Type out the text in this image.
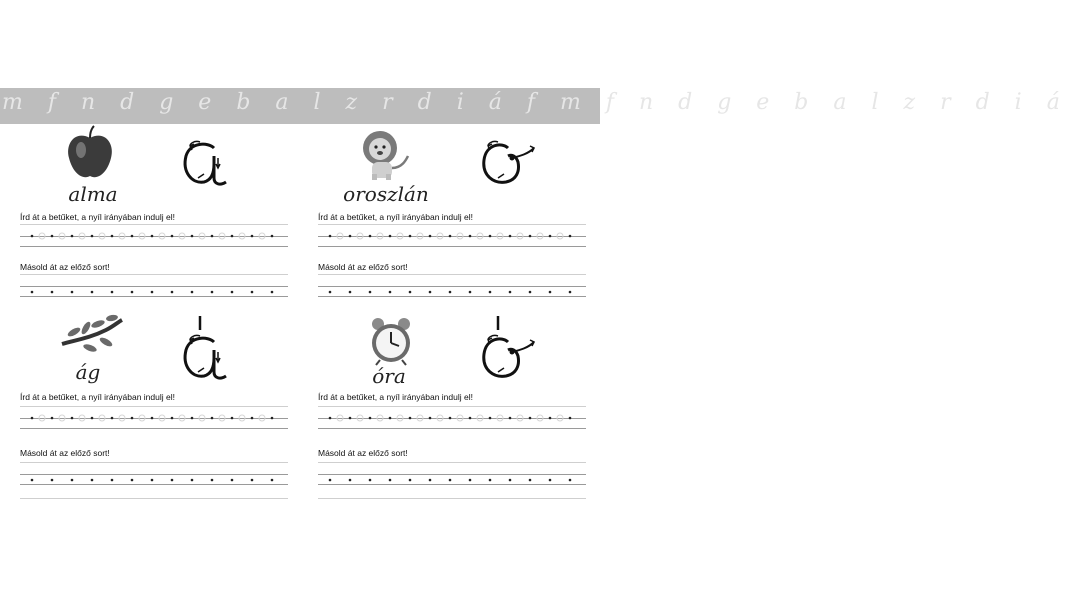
m f n d g e b a l z r d i á f m f n d g e b a l z r d i á
alma
Írd át a betűket, a nyíl irányában indulj el!
Másold át az előző sort!
ág
Írd át a betűket, a nyíl irányában indulj el!
Másold át az előző sort!
oroszlán
Írd át a betűket, a nyíl irányában indulj el!
Másold át az előző sort!
óra
Írd át a betűket, a nyíl irányában indulj el!
Másold át az előző sort!
